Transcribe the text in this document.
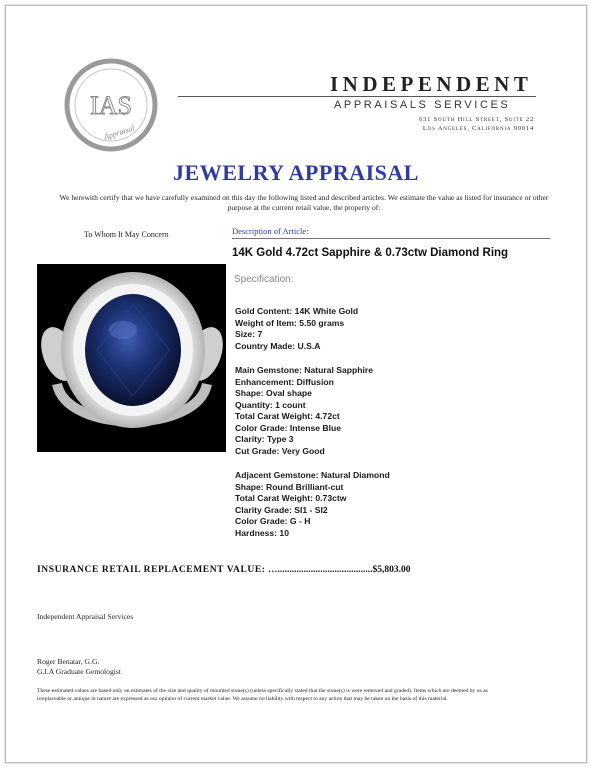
IAS
Appraisal
INDEPENDENT
APPRAISALS SERVICES
631 South Hill Street, Suite 22
Los Angeles, California 90014
JEWELRY APPRAISAL
We herewith certify that we have carefully examined on this day the following listed and described articles. We estimate the value as listed for insurance or other purpose at the current retail value, the property of:
To Whom It May Concern	Description of Article:
14K Gold 4.72ct Sapphire & 0.73ctw Diamond Ring
Specification:
Gold Content: 14K White Gold
Weight of Item: 5.50 grams
Size: 7
Country Made: U.S.A
Main Gemstone: Natural Sapphire
Enhancement: Diffusion
Shape: Oval shape
Quantity: 1 count
Total Carat Weight: 4.72ct
Color Grade: Intense Blue
Clarity: Type 3
Cut Grade: Very Good
Adjacent Gemstone: Natural Diamond
Shape: Round Brilliant-cut
Total Carat Weight: 0.73ctw
Clarity Grade: SI1 - SI2
Color Grade: G - H
Hardness: 10
INSURANCE RETAIL REPLACEMENT VALUE: …........................................$5,803.00
Independent Appraisal Services
Roger Benatar, G.G.
G.I.A Graduate Gemologist
These estimated values are based only on estimates of the size and quality of mounted stone(s) (unless specifically stated that the stone(s) is were removed and graded). Items which are deemed by us as irreplaceable or antique in nature are expressed as our opinion of current market value. We assume no liability with respect to any action that may be taken on the basis of this material.
